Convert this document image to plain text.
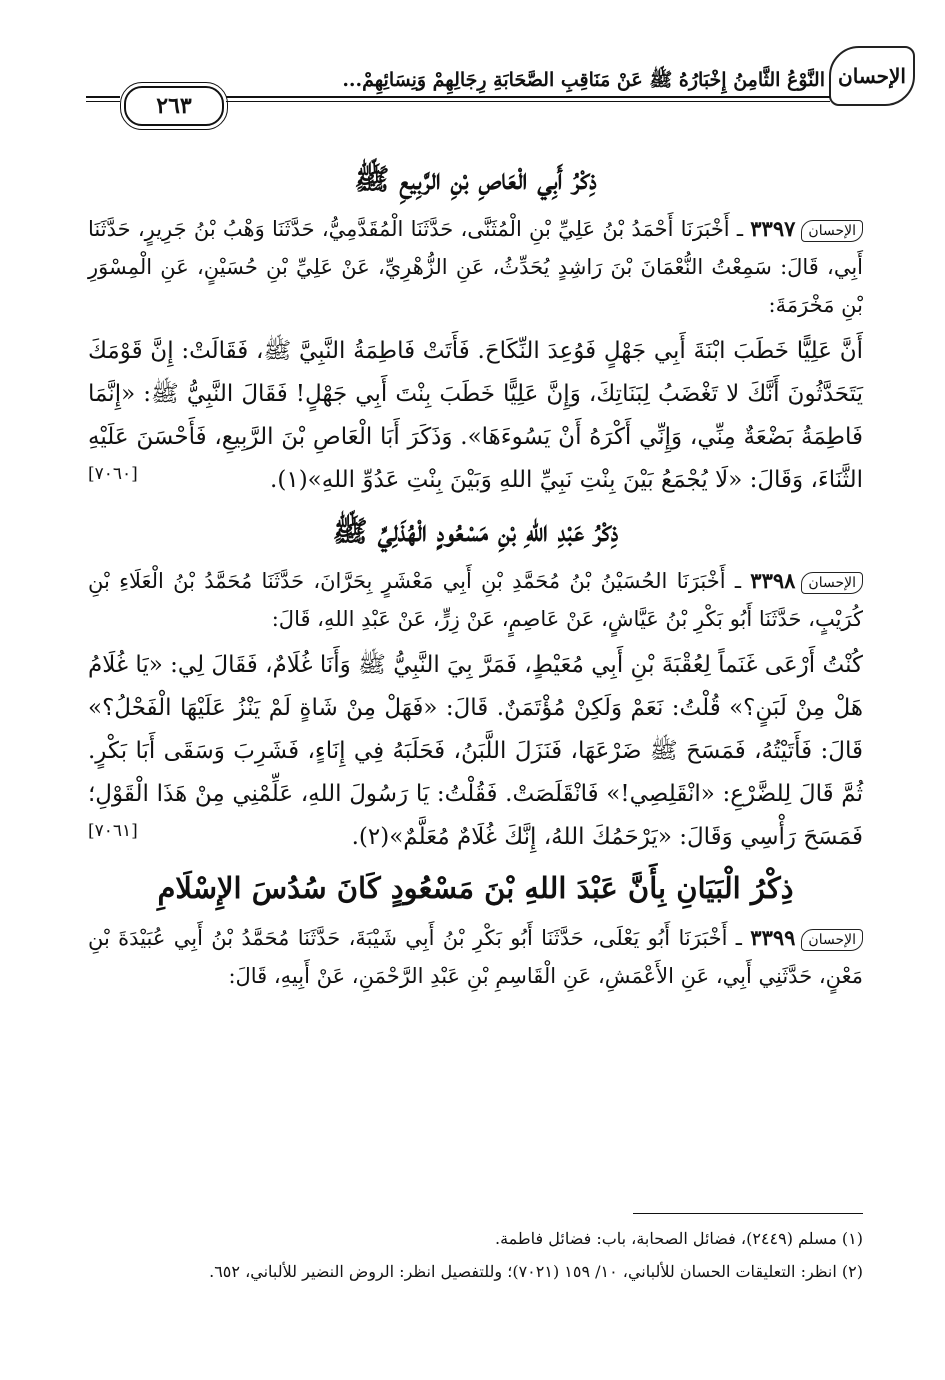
الإحسان
النَّوْعُ الثَّامِنُ إِخْبَارُهُ ﷺ عَنْ مَنَاقِبِ الصَّحَابَةِ رِجَالِهِمْ وَنِسَائِهِمْ...
٢٦٣
ذِكْرُ أَبِي الْعَاصِ بْنِ الرَّبِيعِ ﷺ

الإحسان٣٣٩٧ ـ أَخْبَرَنَا أَحْمَدُ بْنُ عَلِيِّ بْنِ الْمُثَنَّى، حَدَّثَنَا الْمُقَدَّمِيُّ، حَدَّثَنَا وَهْبُ بْنُ جَرِيرٍ، حَدَّثَنَا أَبِي، قَالَ: سَمِعْتُ النُّعْمَانَ بْنَ رَاشِدٍ يُحَدِّثُ، عَنِ الزُّهْرِيِّ، عَنْ عَلِيِّ بْنِ حُسَيْنٍ، عَنِ الْمِسْوَرِ بْنِ مَخْرَمَةَ:

أَنَّ عَلِيًّا خَطَبَ ابْنَةَ أَبِي جَهْلٍ فَوُعِدَ النِّكَاحَ. فَأَتَتْ فَاطِمَةُ النَّبِيَّ ﷺ، فَقَالَتْ: إِنَّ قَوْمَكَ يَتَحَدَّثُونَ أَنَّكَ لا تَغْضَبُ لِبَنَاتِكَ، وَإِنَّ عَلِيًّا خَطَبَ بِنْتَ أَبِي جَهْلٍ! فَقَالَ النَّبِيُّ ﷺ: «إِنَّمَا فَاطِمَةُ بَضْعَةٌ مِنِّي، وَإِنِّي أَكْرَهُ أَنْ يَسُوءَهَا». وَذَكَرَ أَبَا الْعَاصِ بْنَ الرَّبِيعِ، فَأَحْسَنَ عَلَيْهِ الثَّنَاءَ، وَقَالَ: «لَا يُجْمَعُ بَيْنَ بِنْتِ نَبِيِّ اللهِ وَبَيْنَ بِنْتِ عَدُوِّ اللهِ»(١).

[٧٠٦٠]
ذِكْرُ عَبْدِ اللهِ بْنِ مَسْعُودٍ الْهُذَلِيِّ ﷺ

الإحسان٣٣٩٨ ـ أَخْبَرَنَا الحُسَيْنُ بْنُ مُحَمَّدِ بْنِ أَبِي مَعْشَرٍ بِحَرَّانَ، حَدَّثَنَا مُحَمَّدُ بْنُ الْعَلَاءِ بْنِ كُرَيْبٍ، حَدَّثَنَا أَبُو بَكْرِ بْنُ عَيَّاشٍ، عَنْ عَاصِمٍ، عَنْ زِرٍّ، عَنْ عَبْدِ اللهِ، قَالَ:

كُنْتُ أَرْعَى غَنَماً لِعُقْبَةَ بْنِ أَبِي مُعَيْطٍ، فَمَرَّ بِيَ النَّبِيُّ ﷺ وَأَنَا غُلَامٌ، فَقَالَ لِي: «يَا غُلَامُ هَلْ مِنْ لَبَنٍ؟» قُلْتُ: نَعَمْ وَلَكِنْ مُؤْتَمَنٌ. قَالَ: «فَهَلْ مِنْ شَاةٍ لَمْ يَنْزُ عَلَيْهَا الْفَحْلُ؟» قَالَ: فَأَتَيْتُهُ، فَمَسَحَ ﷺ ضَرْعَهَا، فَنَزَلَ اللَّبَنُ، فَحَلَبَهُ فِي إِنَاءٍ، فَشَرِبَ وَسَقَى أَبَا بَكْرٍ. ثُمَّ قَالَ لِلضَّرْعِ: «انْقَلِصِي!» فَانْقَلَصَتْ. فَقُلْتُ: يَا رَسُولَ اللهِ، عَلِّمْنِي مِنْ هَذَا الْقَوْلِ؛ فَمَسَحَ رَأْسِي وَقَالَ: «يَرْحَمُكَ اللهُ، إِنَّكَ غُلَامٌ مُعَلَّمٌ»(٢).

[٧٠٦١]
ذِكْرُ الْبَيَانِ بِأَنَّ عَبْدَ اللهِ بْنَ مَسْعُودٍ كَانَ سُدُسَ الإِسْلَامِ

الإحسان٣٣٩٩ ـ أَخْبَرَنَا أَبُو يَعْلَى، حَدَّثَنَا أَبُو بَكْرِ بْنُ أَبِي شَيْبَةَ، حَدَّثَنَا مُحَمَّدُ بْنُ أَبِي عُبَيْدَةَ بْنِ مَعْنٍ، حَدَّثَنِي أَبِي، عَنِ الأَعْمَشِ، عَنِ الْقَاسِمِ بْنِ عَبْدِ الرَّحْمَنِ، عَنْ أَبِيهِ، قَالَ:

(١) مسلم (٢٤٤٩)، فضائل الصحابة، باب: فضائل فاطمة.

(٢) انظر: التعليقات الحسان للألباني، ١٠/ ١٥٩ (٧٠٢١)؛ وللتفصيل انظر: الروض النضير للألباني، ٦٥٢.
